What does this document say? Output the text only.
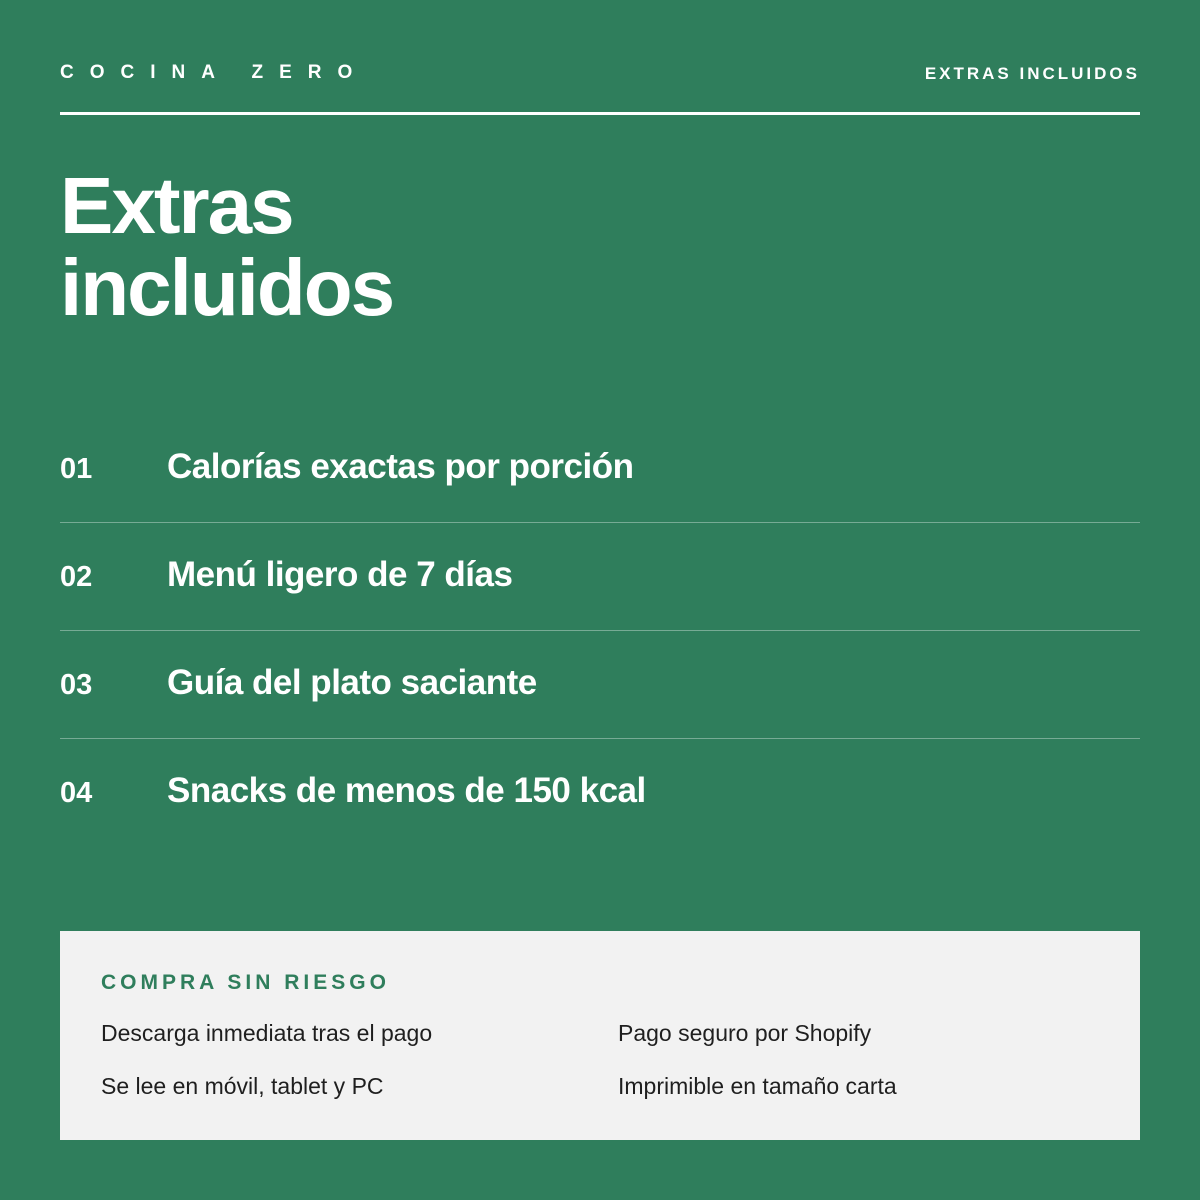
COCINA ZERO	EXTRAS INCLUIDOS
Extras
incluidos
01 Calorías exactas por porción
02 Menú ligero de 7 días
03 Guía del plato saciante
04 Snacks de menos de 150 kcal
COMPRA SIN RIESGO
Descarga inmediata tras el pago	Pago seguro por Shopify
Se lee en móvil, tablet y PC	Imprimible en tamaño carta
